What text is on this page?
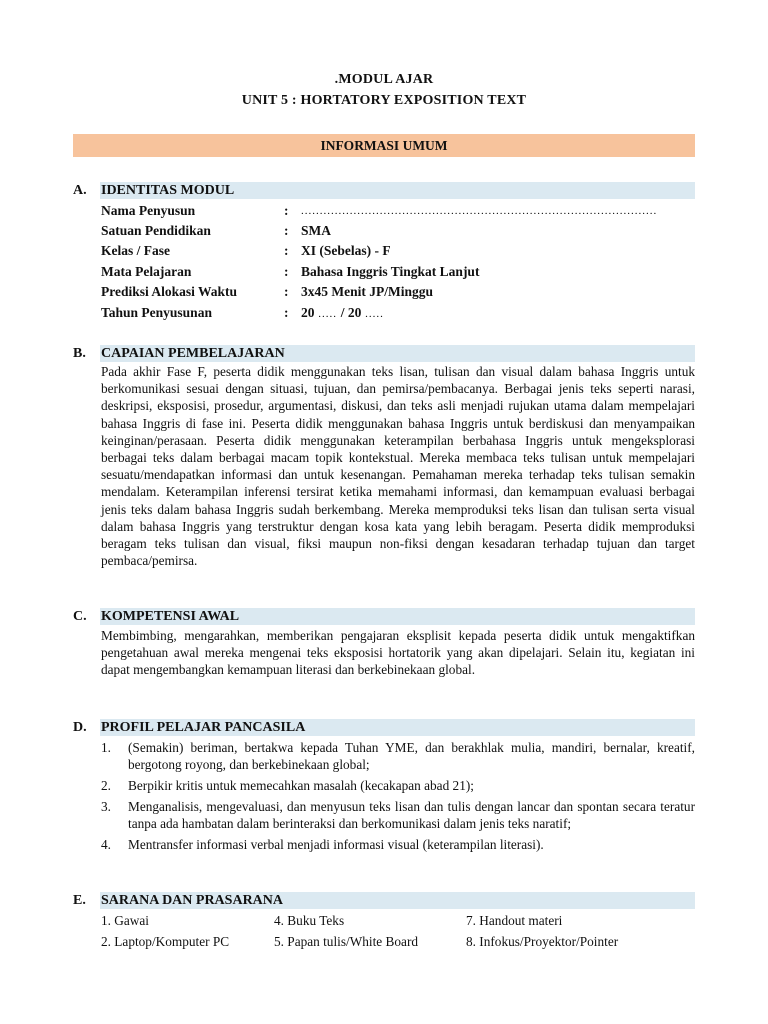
.MODUL AJAR
UNIT 5 : HORTATORY EXPOSITION TEXT
INFORMASI UMUM
A. IDENTITAS MODUL
Nama Penyusun	: ...............................................................................................
Satuan Pendidikan	: SMA
Kelas / Fase	: XI (Sebelas) - F
Mata Pelajaran	: Bahasa Inggris Tingkat Lanjut
Prediksi Alokasi Waktu	: 3x45 Menit JP/Minggu
Tahun Penyusunan	: 20 ..... / 20 .....
B. CAPAIAN PEMBELAJARAN
Pada akhir Fase F, peserta didik menggunakan teks lisan, tulisan dan visual dalam bahasa Inggris untuk berkomunikasi sesuai dengan situasi, tujuan, dan pemirsa/pembacanya. Berbagai jenis teks seperti narasi, deskripsi, eksposisi, prosedur, argumentasi, diskusi, dan teks asli menjadi rujukan utama dalam mempelajari bahasa Inggris di fase ini. Peserta didik menggunakan bahasa Inggris untuk berdiskusi dan menyampaikan keinginan/perasaan. Peserta didik menggunakan keterampilan berbahasa Inggris untuk mengeksplorasi berbagai teks dalam berbagai macam topik kontekstual. Mereka membaca teks tulisan untuk mempelajari sesuatu/mendapatkan informasi dan untuk kesenangan. Pemahaman mereka terhadap teks tulisan semakin mendalam. Keterampilan inferensi tersirat ketika memahami informasi, dan kemampuan evaluasi berbagai jenis teks dalam bahasa Inggris sudah berkembang. Mereka memproduksi teks lisan dan tulisan serta visual dalam bahasa Inggris yang terstruktur dengan kosa kata yang lebih beragam. Peserta didik memproduksi beragam teks tulisan dan visual, fiksi maupun non-fiksi dengan kesadaran terhadap tujuan dan target pembaca/pemirsa.
C. KOMPETENSI AWAL
Membimbing, mengarahkan, memberikan pengajaran eksplisit kepada peserta didik untuk mengaktifkan pengetahuan awal mereka mengenai teks eksposisi hortatorik yang akan dipelajari. Selain itu, kegiatan ini dapat mengembangkan kemampuan literasi dan berkebinekaan global.
D. PROFIL PELAJAR PANCASILA
1. (Semakin) beriman, bertakwa kepada Tuhan YME, dan berakhlak mulia, mandiri, bernalar, kreatif, bergotong royong, dan berkebinekaan global;
2. Berpikir kritis untuk memecahkan masalah (kecakapan abad 21);
3. Menganalisis, mengevaluasi, dan menyusun teks lisan dan tulis dengan lancar dan spontan secara teratur tanpa ada hambatan dalam berinteraksi dan berkomunikasi dalam jenis teks naratif;
4. Mentransfer informasi verbal menjadi informasi visual (keterampilan literasi).
E. SARANA DAN PRASARANA
1. Gawai	4. Buku Teks	7. Handout materi
2. Laptop/Komputer PC	5. Papan tulis/White Board	8. Infokus/Proyektor/Pointer
